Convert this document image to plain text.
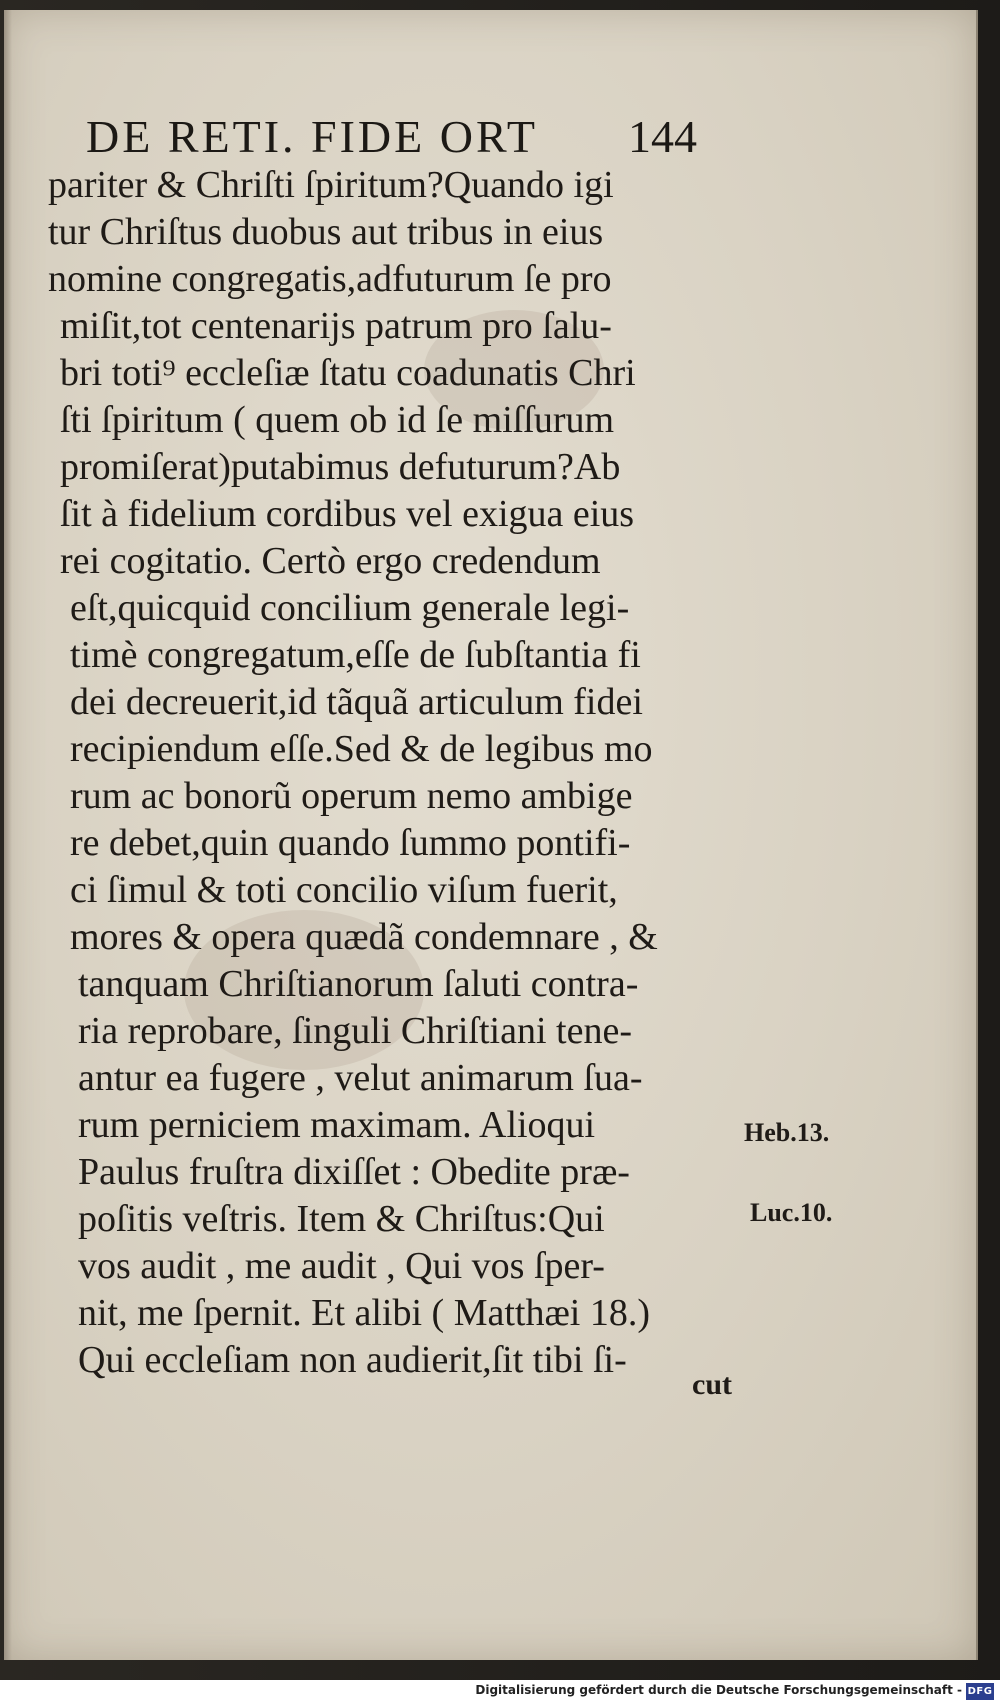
DE RETI. FIDE ORT 144
pariter & Chriſti ſpiritum?Quando igi
tur Chriſtus duobus aut tribus in eius
nomine congregatis,adfuturum ſe pro
miſit,tot centenarijs patrum pro ſalu-
bri toti⁹ eccleſiæ ſtatu coadunatis Chri
ſti ſpiritum ( quem ob id ſe miſſurum
promiſerat)putabimus defuturum?Ab
ſit à fidelium cordibus vel exigua eius
rei cogitatio. Certò ergo credendum
eſt,quicquid concilium generale legi-
timè congregatum,eſſe de ſubſtantia fi
dei decreuerit,id tãquã articulum fidei
recipiendum eſſe.Sed & de legibus mo
rum ac bonorũ operum nemo ambige
re debet,quin quando ſummo pontifi-
ci ſimul & toti concilio viſum fuerit,
mores & opera quædã condemnare , &
tanquam Chriſtianorum ſaluti contra-
ria reprobare, ſinguli Chriſtiani tene-
antur ea fugere , velut animarum ſua-
rum perniciem maximam. Alioqui
Paulus fruſtra dixiſſet : Obedite præ-
poſitis veſtris. Item & Chriſtus:Qui
vos audit , me audit , Qui vos ſper-
nit, me ſpernit. Et alibi ( Matthæi 18.)
Qui eccleſiam non audierit,ſit tibi ſi-
cut
Heb.13.
Luc.10.
Digitalisierung gefördert durch die Deutsche Forschungsgemeinschaft - DFG
